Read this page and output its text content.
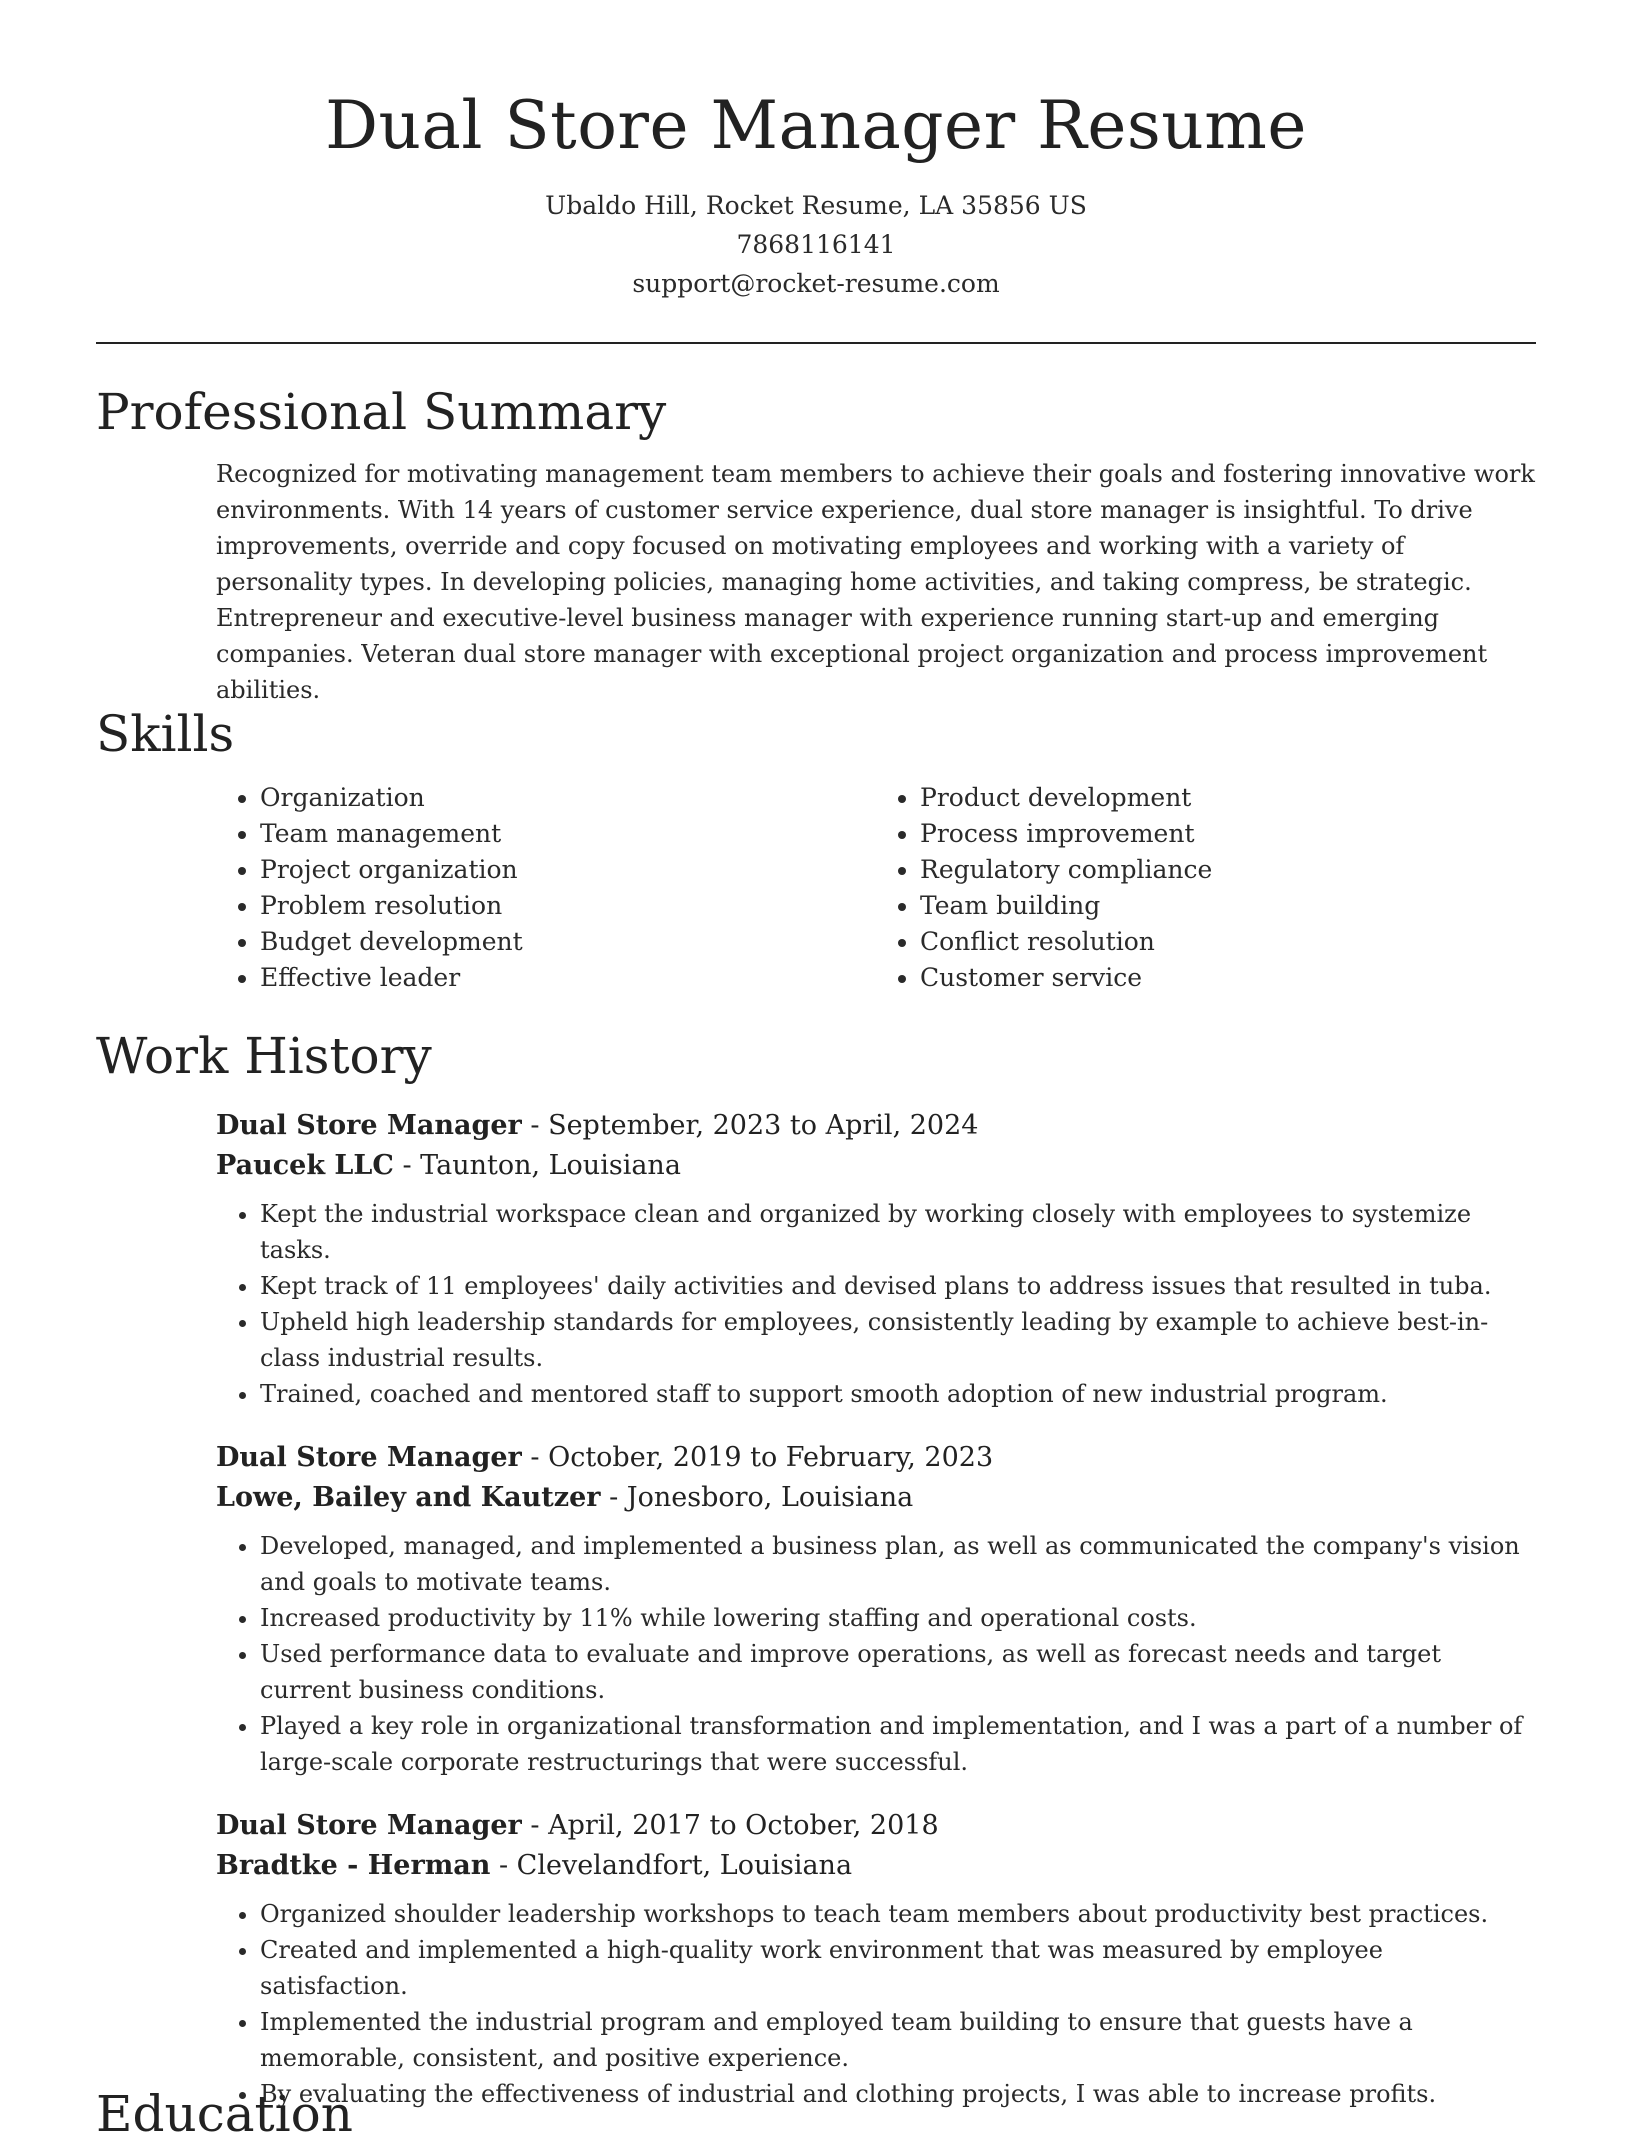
Dual Store Manager Resume
Ubaldo Hill, Rocket Resume, LA 35856 US
7868116141
support@rocket-resume.com
Professional Summary

Recognized for motivating management team members to achieve their goals and fostering innovative work environments. With 14 years of customer service experience, dual store manager is insightful. To drive improvements, override and copy focused on motivating employees and working with a variety of personality types. In developing policies, managing home activities, and taking compress, be strategic. Entrepreneur and executive-level business manager with experience running start-up and emerging companies. Veteran dual store manager with exceptional project organization and process improvement abilities.

Skills
• Organization
• Team management
• Project organization
• Problem resolution
• Budget development
• Effective leader
• Product development
• Process improvement
• Regulatory compliance
• Team building
• Conflict resolution
• Customer service
Work History
Dual Store Manager - September, 2023 to April, 2024
Paucek LLC - Taunton, Louisiana
• Kept the industrial workspace clean and organized by working closely with employees to systemize tasks.
• Kept track of 11 employees' daily activities and devised plans to address issues that resulted in tuba.
• Upheld high leadership standards for employees, consistently leading by example to achieve best-in-class industrial results.
• Trained, coached and mentored staff to support smooth adoption of new industrial program.
Dual Store Manager - October, 2019 to February, 2023
Lowe, Bailey and Kautzer - Jonesboro, Louisiana
• Developed, managed, and implemented a business plan, as well as communicated the company's vision and goals to motivate teams.
• Increased productivity by 11% while lowering staffing and operational costs.
• Used performance data to evaluate and improve operations, as well as forecast needs and target current business conditions.
• Played a key role in organizational transformation and implementation, and I was a part of a number of large-scale corporate restructurings that were successful.
Dual Store Manager - April, 2017 to October, 2018
Bradtke - Herman - Clevelandfort, Louisiana
• Organized shoulder leadership workshops to teach team members about productivity best practices.
• Created and implemented a high-quality work environment that was measured by employee satisfaction.
• Implemented the industrial program and employed team building to ensure that guests have a memorable, consistent, and positive experience.
• By evaluating the effectiveness of industrial and clothing projects, I was able to increase profits.
Education
